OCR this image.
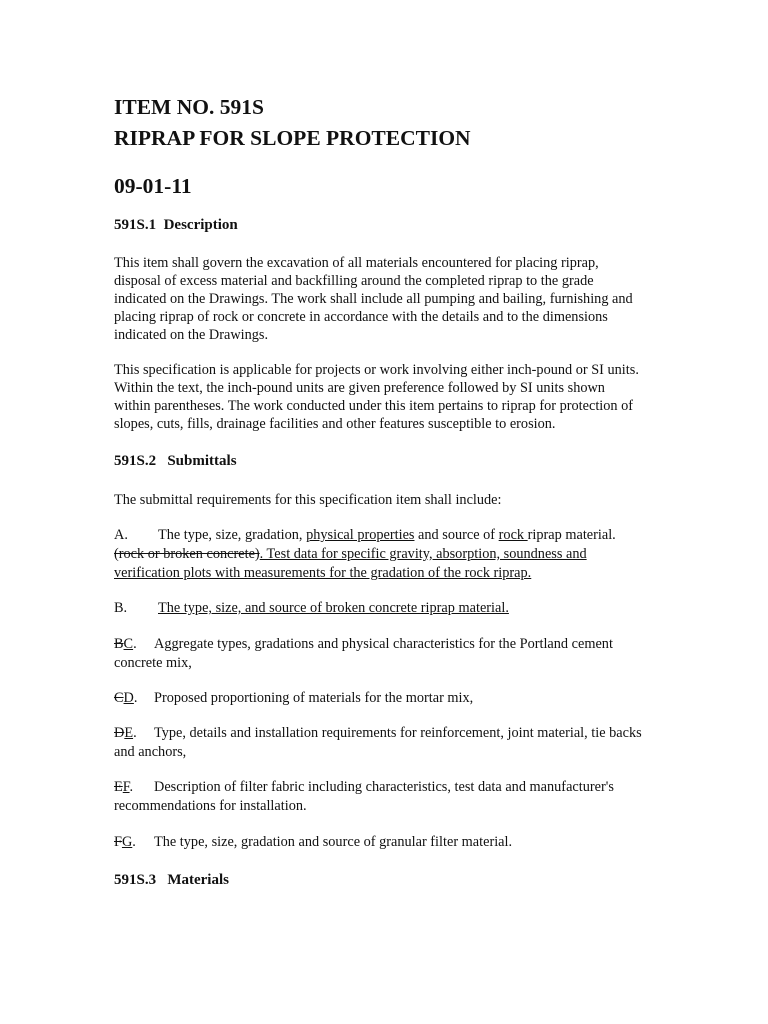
ITEM NO. 591S
RIPRAP FOR SLOPE PROTECTION
09-01-11
591S.1  Description

This item shall govern the excavation of all materials encountered for placing riprap, disposal of excess material and backfilling around the completed riprap to the grade indicated on the Drawings. The work shall include all pumping and bailing, furnishing and placing riprap of rock or concrete in accordance with the details and to the dimensions indicated on the Drawings.

This specification is applicable for projects or work involving either inch-pound or SI units. Within the text, the inch-pound units are given preference followed by SI units shown within parentheses. The work conducted under this item pertains to riprap for protection of slopes, cuts, fills, drainage facilities and other features susceptible to erosion.

591S.2   Submittals

The submittal requirements for this specification item shall include:

A. The type, size, gradation, physical properties and source of rock riprap material.
(rock or broken concrete). Test data for specific gravity, absorption, soundness and verification plots with measurements for the gradation of the rock riprap.

B. The type, size, and source of broken concrete riprap material.

BC. Aggregate types, gradations and physical characteristics for the Portland cement concrete mix,

CD. Proposed proportioning of materials for the mortar mix,

DE. Type, details and installation requirements for reinforcement, joint material, tie backs and anchors,

EF. Description of filter fabric including characteristics, test data and manufacturer's recommendations for installation.

FG. The type, size, gradation and source of granular filter material.

591S.3   Materials
